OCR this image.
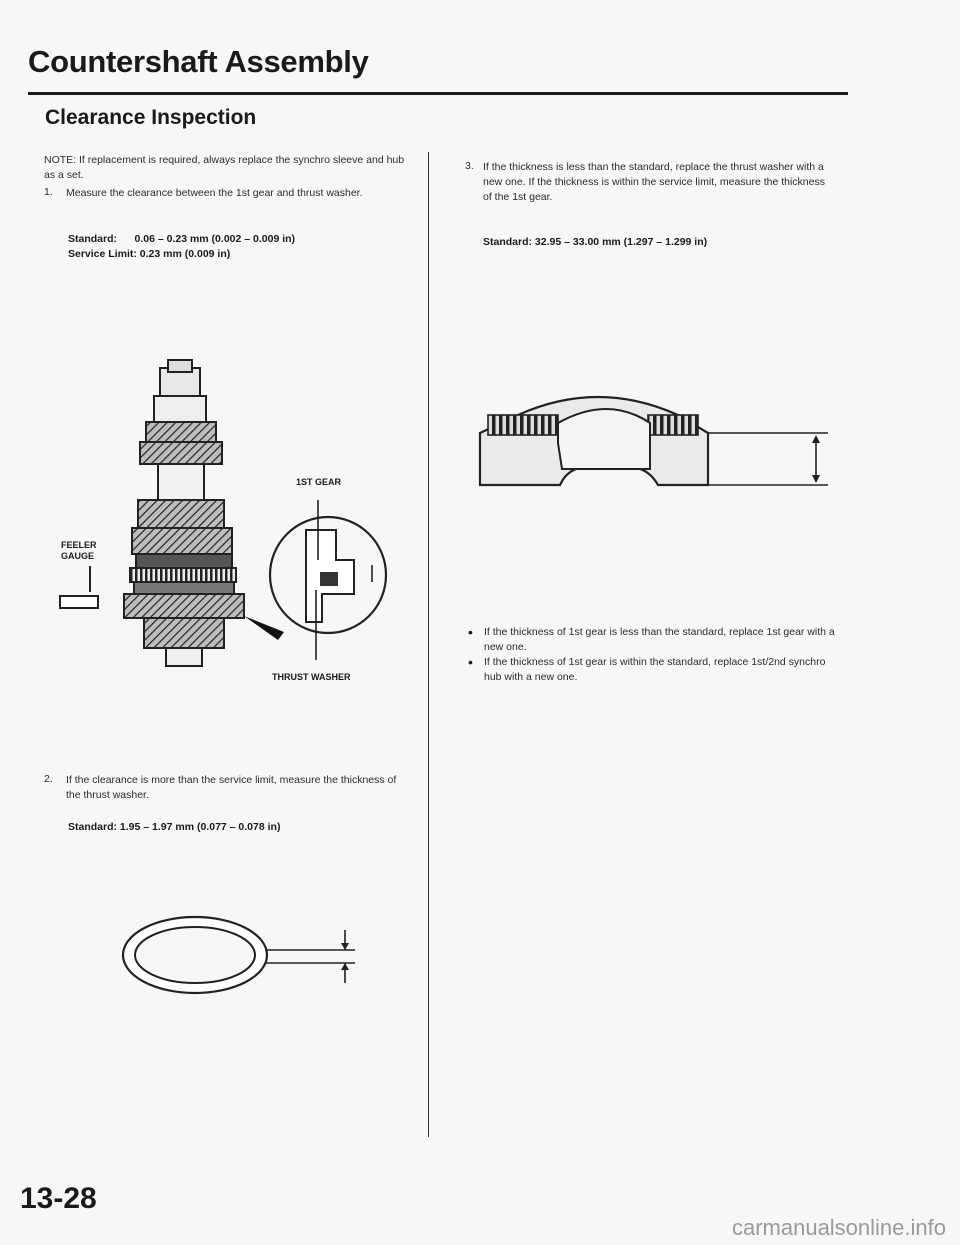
Countershaft Assembly
Clearance Inspection
NOTE: If replacement is required, always replace the synchro sleeve and hub as a set.
1. Measure the clearance between the 1st gear and thrust washer.
Standard:      0.06 – 0.23 mm (0.002 – 0.009 in)
Service Limit: 0.23 mm (0.009 in)
1ST GEAR
FEELER
GAUGE
THRUST WASHER
2. If the clearance is more than the service limit, measure the thickness of the thrust washer.
Standard: 1.95 – 1.97 mm (0.077 – 0.078 in)
3. If the thickness is less than the standard, replace the thrust washer with a new one. If the thickness is within the service limit, measure the thickness of the 1st gear.
Standard: 32.95 – 33.00 mm (1.297 – 1.299 in)
• If the thickness of 1st gear is less than the standard, replace 1st gear with a new one.
• If the thickness of 1st gear is within the standard, replace 1st/2nd synchro hub with a new one.
13-28
carmanualsonline.info
